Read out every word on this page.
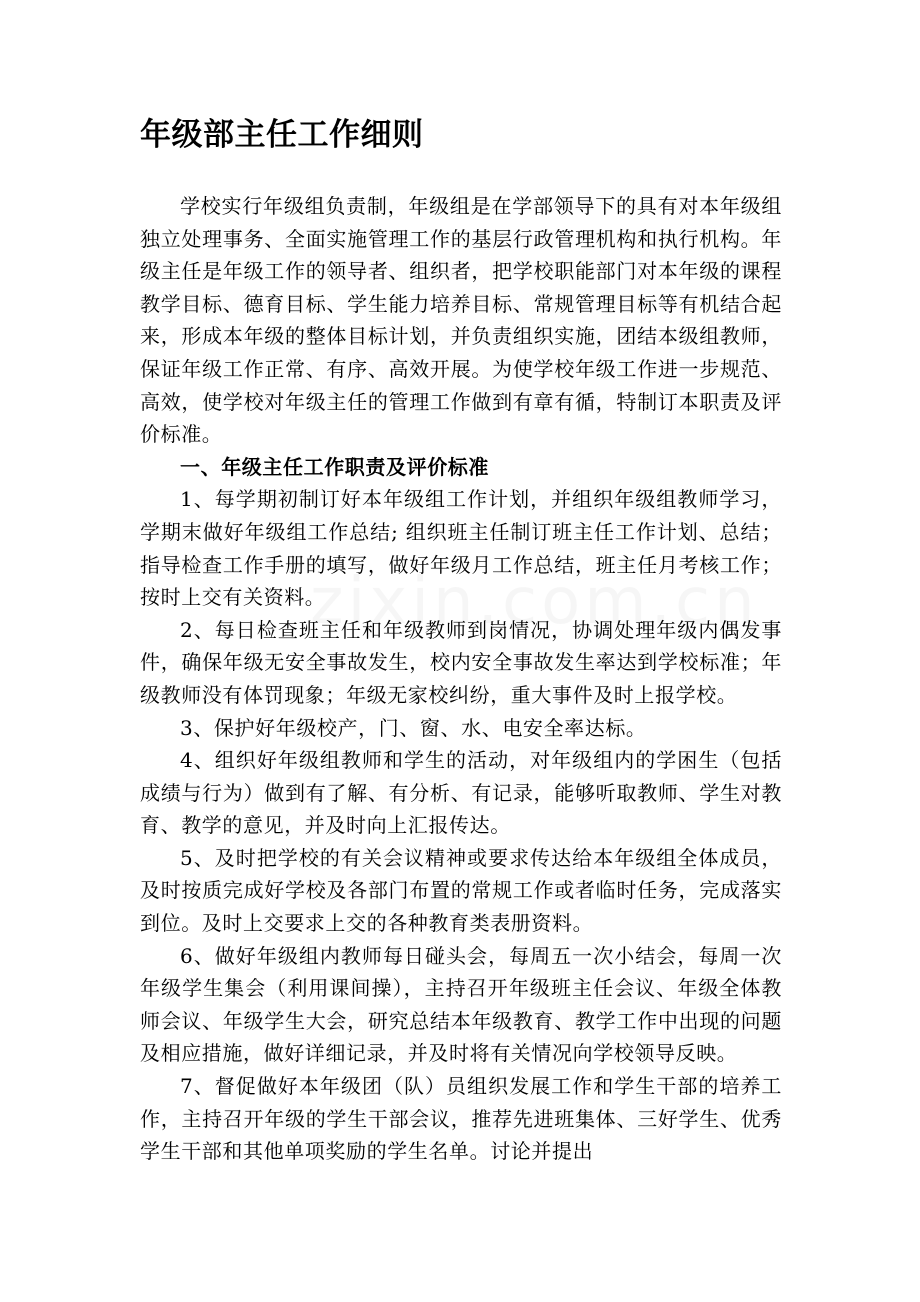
年级部主任工作细则

学校实行年级组负责制，年级组是在学部领导下的具有对本年级组独立处理事务、全面实施管理工作的基层行政管理机构和执行机构。年级主任是年级工作的领导者、组织者，把学校职能部门对本年级的课程教学目标、德育目标、学生能力培养目标、常规管理目标等有机结合起来，形成本年级的整体目标计划，并负责组织实施，团结本级组教师，保证年级工作正常、有序、高效开展。为使学校年级工作进一步规范、高效，使学校对年级主任的管理工作做到有章有循，特制订本职责及评价标准。

一、年级主任工作职责及评价标准

1、每学期初制订好本年级组工作计划，并组织年级组教师学习，学期末做好年级组工作总结; 组织班主任制订班主任工作计划、总结；指导检查工作手册的填写，做好年级月工作总结，班主任月考核工作；按时上交有关资料。

2、每日检查班主任和年级教师到岗情况，协调处理年级内偶发事件，确保年级无安全事故发生，校内安全事故发生率达到学校标准；年级教师没有体罚现象；年级无家校纠纷，重大事件及时上报学校。

3、保护好年级校产，门、窗、水、电安全率达标。

4、组织好年级组教师和学生的活动，对年级组内的学困生（包括成绩与行为）做到有了解、有分析、有记录，能够听取教师、学生对教育、教学的意见，并及时向上汇报传达。

5、及时把学校的有关会议精神或要求传达给本年级组全体成员，及时按质完成好学校及各部门布置的常规工作或者临时任务，完成落实到位。及时上交要求上交的各种教育类表册资料。

6、做好年级组内教师每日碰头会，每周五一次小结会，每周一次年级学生集会（利用课间操），主持召开年级班主任会议、年级全体教师会议、年级学生大会，研究总结本年级教育、教学工作中出现的问题及相应措施，做好详细记录，并及时将有关情况向学校领导反映。

7、督促做好本年级团（队）员组织发展工作和学生干部的培养工作，主持召开年级的学生干部会议，推荐先进班集体、三好学生、优秀学生干部和其他单项奖励的学生名单。讨论并提出
